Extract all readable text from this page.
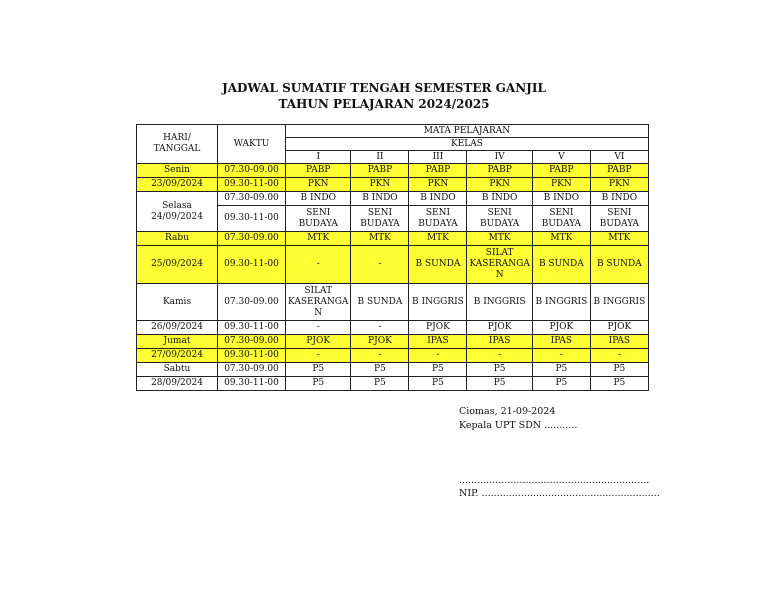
JADWAL SUMATIF TENGAH SEMESTER GANJIL
TAHUN PELAJARAN 2024/2025
HARI/
TANGGAL	WAKTU	MATA PELAJARAN					
		KELAS					
		I	II	III	IV	V	VI
Senin	07.30-09.00	PABP	PABP	PABP	PABP	PABP	PABP
23/09/2024	09.30-11-00	PKN	PKN	PKN	PKN	PKN	PKN
Selasa
24/09/2024	07.30-09.00	B INDO	B INDO	B INDO	B INDO	B INDO	B INDO
	09.30-11-00	SENI BUDAYA	SENI BUDAYA	SENI BUDAYA	SENI BUDAYA	SENI BUDAYA	SENI BUDAYA
Rabu	07.30-09.00	MTK	MTK	MTK	MTK	MTK	MTK
25/09/2024	09.30-11-00	-	-	B SUNDA	SILAT KASERANGA N	B SUNDA	B SUNDA
Kamis	07.30-09.00	SILAT KASERANGA N	B SUNDA	B INGGRIS	B INGGRIS	B INGGRIS	B INGGRIS
26/09/2024	09.30-11-00	-	-	PJOK	PJOK	PJOK	PJOK
Jumat	07.30-09.00	PJOK	PJOK	IPAS	IPAS	IPAS	IPAS
27/09/2024	09.30-11-00	-	-	-	-	-	-
Sabtu	07.30-09.00	P5	P5	P5	P5	P5	P5
28/09/2024	09.30-11-00	P5	P5	P5	P5	P5	P5
Ciomas, 21-09-2024
Kepala UPT SDN ...........
...............................................................
NIP. ...........................................................
